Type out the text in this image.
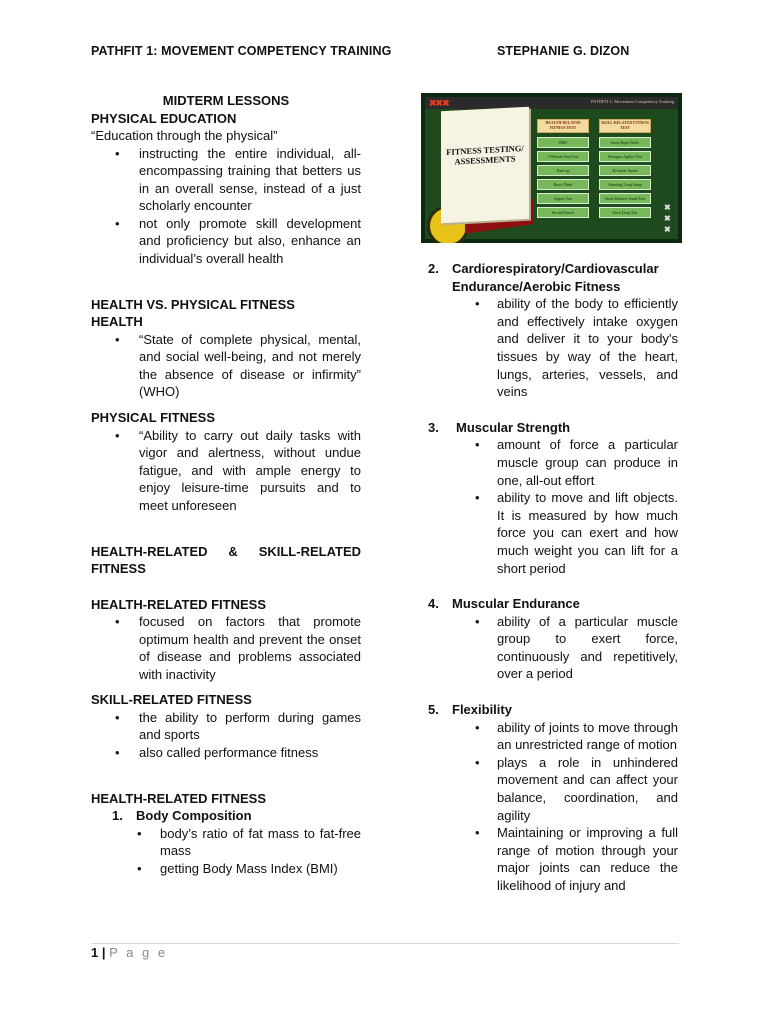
PATHFIT 1: MOVEMENT COMPETENCY TRAINING	STEPHANIE G. DIZON

MIDTERM LESSONS

PHYSICAL EDUCATION

“Education through the physical”

• instructing the entire individual, all-encompassing training that betters us in an overall sense, instead of a just scholarly encounter

• not only promote skill development and proficiency but also, enhance an individual’s overall health

HEALTH VS. PHYSICAL FITNESS

HEALTH

• “State of complete physical, mental, and social well-being, and not merely the absence of disease or infirmity” (WHO)

PHYSICAL FITNESS

• “Ability to carry out daily tasks with vigor and alertness, without undue fatigue, and with ample energy to enjoy leisure-time pursuits and to meet unforeseen

HEALTH-RELATED & SKILL-RELATED FITNESS

HEALTH-RELATED FITNESS

• focused on factors that promote optimum health and prevent the onset of disease and problems associated with inactivity

SKILL-RELATED FITNESS

• the ability to perform during games and sports

• also called performance fitness

HEALTH-RELATED FITNESS

1. Body Composition

• body’s ratio of fat mass to fat-free mass

• getting Body Mass Index (BMI)

✖✖✖	PATHFIT 1: Movement Competency Training
FITNESS TESTING/ ASSESSMENTS
HEALTH-RELATED FITNESS TEST
SKILL-RELATED FITNESS TEST
BMI
3-Minute Step Test
Push-up
Basic Plank
Zipper Test
Sit and Reach
Jump Rope Drills
Hexagon Agility Test
40-meter Sprint
Standing Long Jump
Stork Balance Stand Test
Stick Drop Test
✖ ✖ ✖

2. Cardiorespiratory/Cardiovascular Endurance/Aerobic Fitness

• ability of the body to efficiently and effectively intake oxygen and deliver it to your body's tissues by way of the heart, lungs, arteries, vessels, and veins

3. Muscular Strength

• amount of force a particular muscle group can produce in one, all-out effort

• ability to move and lift objects. It is measured by how much force you can exert and how much weight you can lift for a short period

4. Muscular Endurance

• ability of a particular muscle group to exert force, continuously and repetitively, over a period

5. Flexibility

• ability of joints to move through an unrestricted range of motion

• plays a role in unhindered movement and can affect your balance, coordination, and agility

• Maintaining or improving a full range of motion through your major joints can reduce the likelihood of injury and

1 | P a g e
